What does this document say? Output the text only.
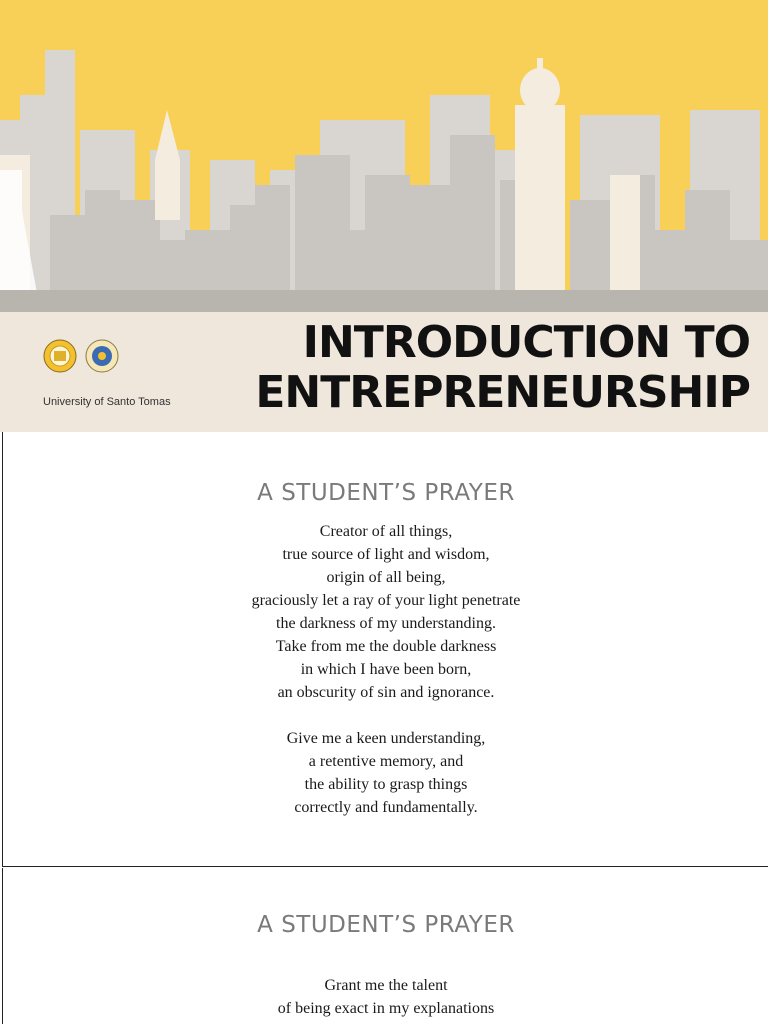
University of Santo Tomas
INTRODUCTION TO
ENTREPRENEURSHIP
A STUDENT’S PRAYER
Creator of all things,
true source of light and wisdom,
origin of all being,
graciously let a ray of your light penetrate
the darkness of my understanding.
Take from me the double darkness
in which I have been born,
an obscurity of sin and ignorance.
Give me a keen understanding,
a retentive memory, and
the ability to grasp things
correctly and fundamentally.
A STUDENT’S PRAYER
Grant me the talent
of being exact in my explanations
